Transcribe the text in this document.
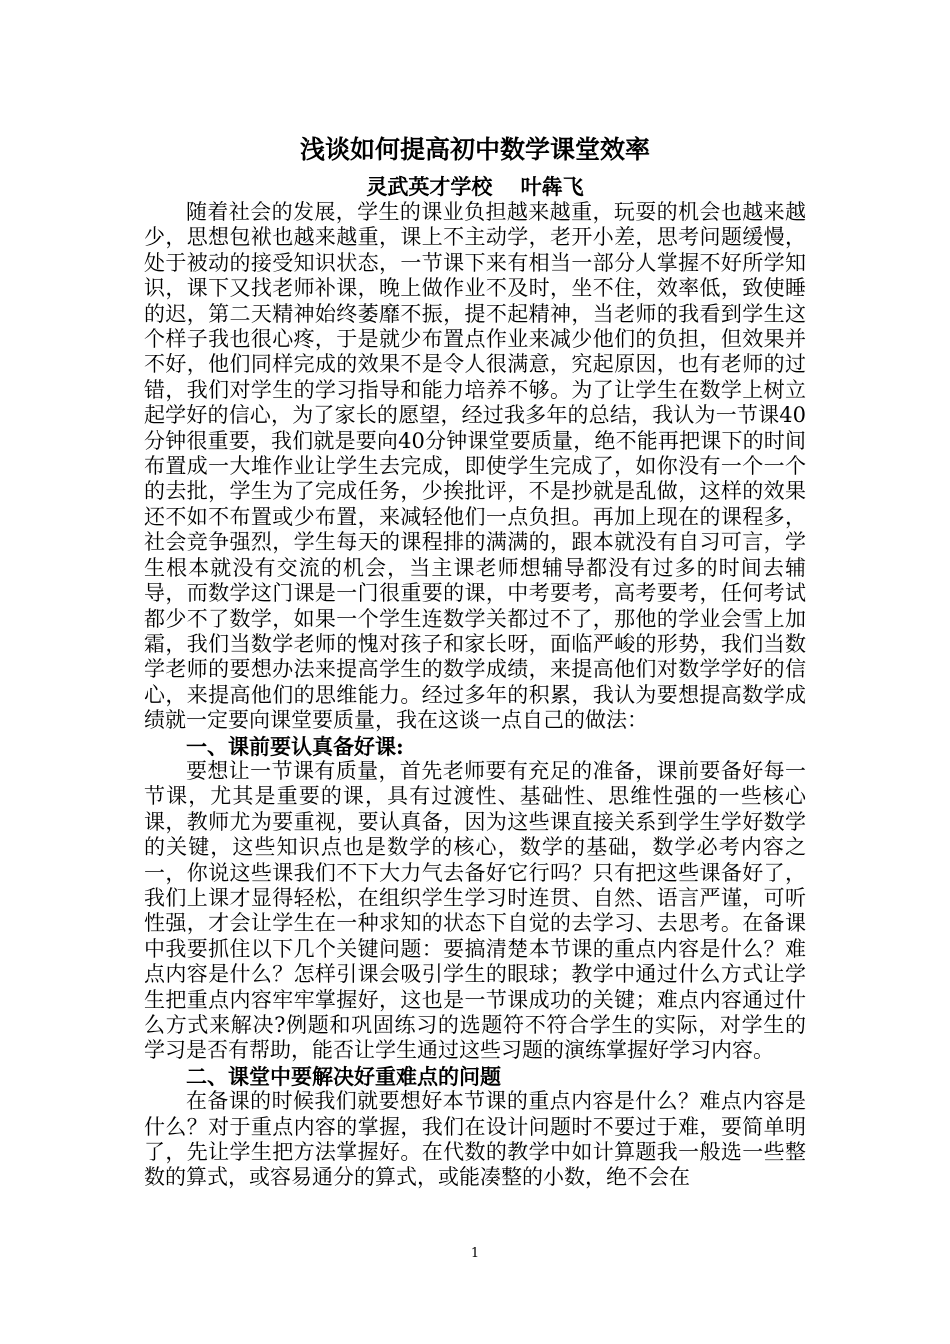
浅谈如何提高初中数学课堂效率
灵武英才学校　 叶犇飞

随着社会的发展，学生的课业负担越来越重，玩耍的机会也越来越少，思想包袱也越来越重，课上不主动学，老开小差，思考问题缓慢，处于被动的接受知识状态，一节课下来有相当一部分人掌握不好所学知识，课下又找老师补课，晚上做作业不及时，坐不住，效率低，致使睡的迟，第二天精神始终萎靡不振，提不起精神，当老师的我看到学生这个样子我也很心疼，于是就少布置点作业来减少他们的负担，但效果并不好，他们同样完成的效果不是令人很满意，究起原因，也有老师的过错，我们对学生的学习指导和能力培养不够。为了让学生在数学上树立起学好的信心，为了家长的愿望，经过我多年的总结，我认为一节课40分钟很重要，我们就是要向40分钟课堂要质量，绝不能再把课下的时间布置成一大堆作业让学生去完成，即使学生完成了，如你没有一个一个的去批，学生为了完成任务，少挨批评，不是抄就是乱做，这样的效果还不如不布置或少布置，来减轻他们一点负担。再加上现在的课程多，社会竞争强烈，学生每天的课程排的满满的，跟本就没有自习可言，学生根本就没有交流的机会，当主课老师想辅导都没有过多的时间去辅导，而数学这门课是一门很重要的课，中考要考，高考要考，任何考试都少不了数学，如果一个学生连数学关都过不了，那他的学业会雪上加霜，我们当数学老师的愧对孩子和家长呀，面临严峻的形势，我们当数学老师的要想办法来提高学生的数学成绩，来提高他们对数学学好的信心，来提高他们的思维能力。经过多年的积累，我认为要想提高数学成绩就一定要向课堂要质量，我在这谈一点自己的做法：

一、课前要认真备好课:

要想让一节课有质量，首先老师要有充足的准备，课前要备好每一节课，尤其是重要的课，具有过渡性、基础性、思维性强的一些核心课，教师尤为要重视，要认真备，因为这些课直接关系到学生学好数学的关键，这些知识点也是数学的核心，数学的基础，数学必考内容之一，你说这些课我们不下大力气去备好它行吗？只有把这些课备好了，我们上课才显得轻松，在组织学生学习时连贯、自然、语言严谨，可听性强，才会让学生在一种求知的状态下自觉的去学习、去思考。在备课中我要抓住以下几个关键问题：要搞清楚本节课的重点内容是什么？难点内容是什么？怎样引课会吸引学生的眼球；教学中通过什么方式让学生把重点内容牢牢掌握好，这也是一节课成功的关键；难点内容通过什么方式来解决?例题和巩固练习的选题符不符合学生的实际，对学生的学习是否有帮助，能否让学生通过这些习题的演练掌握好学习内容。

二、课堂中要解决好重难点的问题

在备课的时候我们就要想好本节课的重点内容是什么？难点内容是什么？对于重点内容的掌握，我们在设计问题时不要过于难，要简单明了，先让学生把方法掌握好。在代数的教学中如计算题我一般选一些整数的算式，或容易通分的算式，或能凑整的小数，绝不会在

1
